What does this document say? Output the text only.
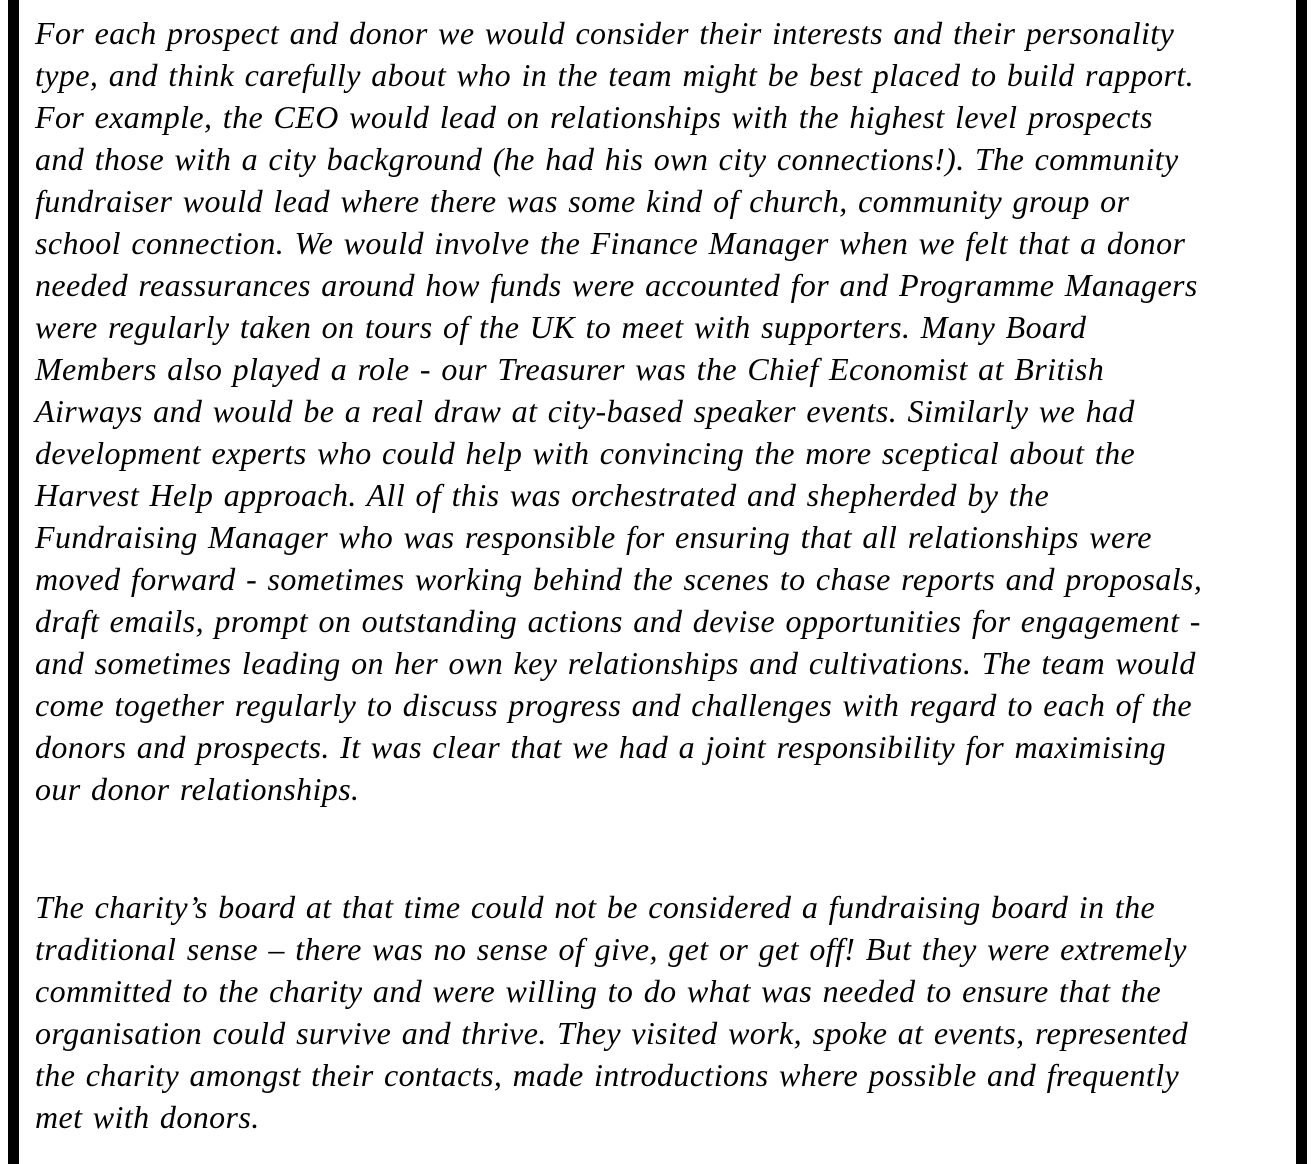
For each prospect and donor we would consider their interests and their personality
type, and think carefully about who in the team might be best placed to build rapport.
For example, the CEO would lead on relationships with the highest level prospects
and those with a city background (he had his own city connections!). The community
fundraiser would lead where there was some kind of church, community group or
school connection. We would involve the Finance Manager when we felt that a donor
needed reassurances around how funds were accounted for and Programme Managers
were regularly taken on tours of the UK to meet with supporters. Many Board
Members also played a role - our Treasurer was the Chief Economist at British
Airways and would be a real draw at city-based speaker events. Similarly we had
development experts who could help with convincing the more sceptical about the
Harvest Help approach. All of this was orchestrated and shepherded by the
Fundraising Manager who was responsible for ensuring that all relationships were
moved forward - sometimes working behind the scenes to chase reports and proposals,
draft emails, prompt on outstanding actions and devise opportunities for engagement -
and sometimes leading on her own key relationships and cultivations. The team would
come together regularly to discuss progress and challenges with regard to each of the
donors and prospects. It was clear that we had a joint responsibility for maximising
our donor relationships.
The charity’s board at that time could not be considered a fundraising board in the
traditional sense – there was no sense of give, get or get off! But they were extremely
committed to the charity and were willing to do what was needed to ensure that the
organisation could survive and thrive. They visited work, spoke at events, represented
the charity amongst their contacts, made introductions where possible and frequently
met with donors.
